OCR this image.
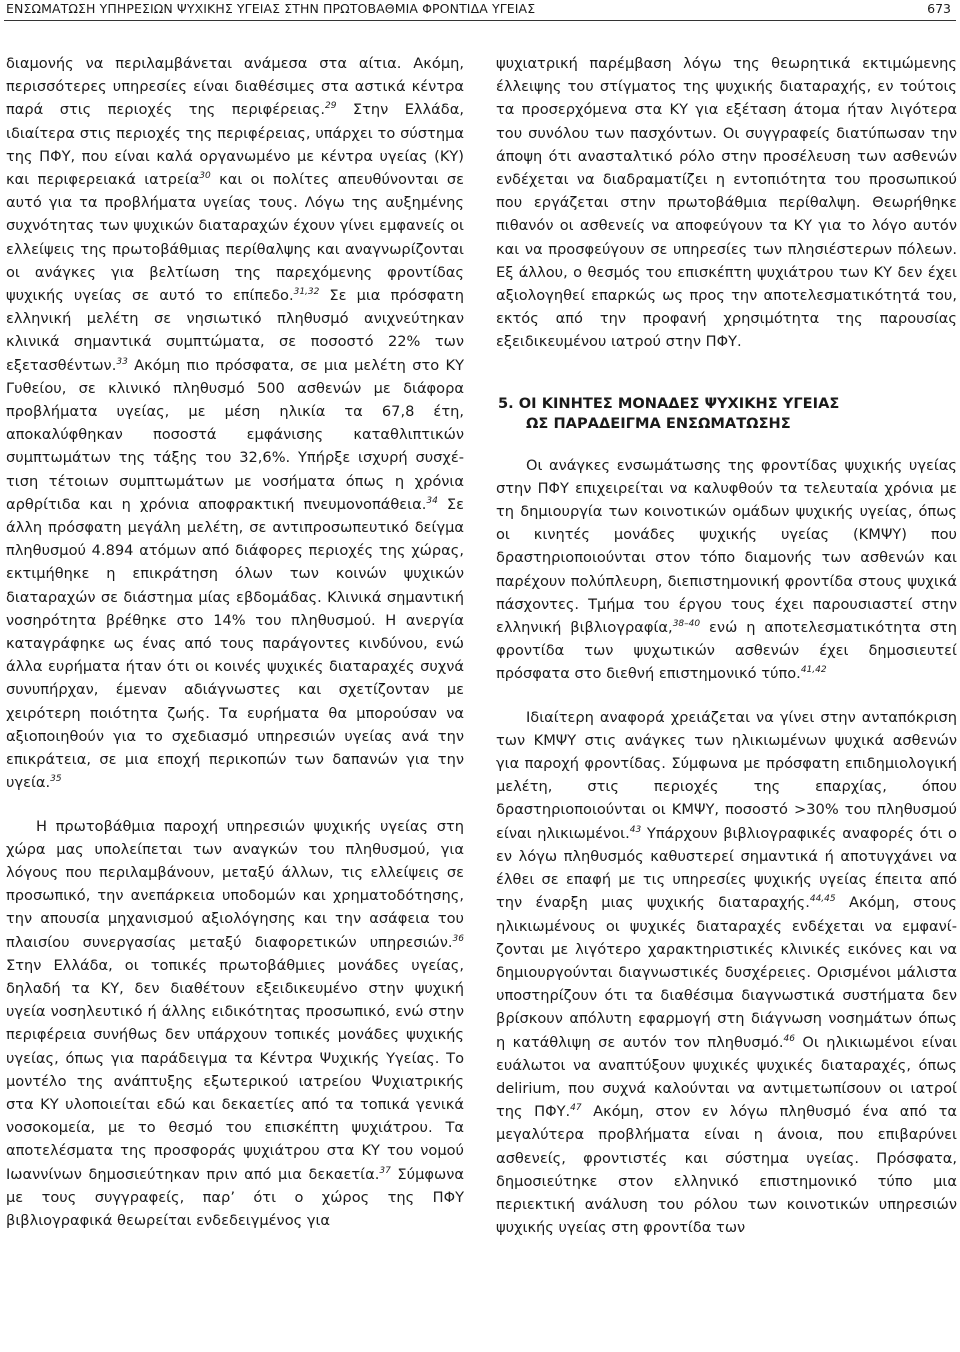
ΕΝΣΩΜΑΤΩΣΗ ΥΠΗΡΕΣΙΩΝ ΨΥΧΙΚΗΣ ΥΓΕΙΑΣ ΣΤΗΝ ΠΡΩΤΟΒΑΘΜΙΑ ΦΡΟΝΤΙΔΑ ΥΓΕΙΑΣ	673

διαμονής να περιλαμβάνεται ανάμεσα στα αίτια. Ακόμη, περισσότερες υπηρεσίες είναι διαθέσιμες στα αστικά κέντρα παρά στις περιοχές της περιφέρειας.$^{29}$ Στην Ελλάδα, ιδιαίτερα στις περιοχές της περιφέρειας, υπάρχει το σύστημα της ΠΦΥ, που είναι καλά οργανωμένο με κέντρα υγείας (ΚΥ) και περιφερειακά ιατρεία$^{30}$ και οι πολίτες απευθύνονται σε αυτό για τα προβλήματα υγείας τους. Λόγω της αυξημένης συχνότητας των ψυχικών διαταραχών έχουν γίνει εμφανείς οι ελλείψεις της πρωτοβάθμιας περίθαλψης και αναγνωρίζονται οι ανάγκες για βελτίωση της παρεχόμενης φροντίδας ψυχικής υγείας σε αυτό το επίπεδο.$^{31,32}$ Σε μια πρόσφατη ελληνική μελέτη σε νησιωτικό πληθυσμό ανιχνεύτηκαν κλινικά σημαντικά συμπτώματα, σε ποσοστό 22% των εξετασθέντων.$^{33}$ Ακόμη πιο πρόσφατα, σε μια μελέτη στο ΚΥ Γυθείου, σε κλινικό πληθυσμό 500 ασθενών με διάφορα προβλήματα υγείας, με μέση ηλικία τα 67,8 έτη, αποκαλύφθηκαν ποσοστά εμφάνισης καταθλιπτικών συμπτωμάτων της τάξης του 32,6%. Υπήρξε ισχυρή συσχέτιση τέτοιων συμπτωμάτων με νοσήματα όπως η χρόνια αρθρίτιδα και η χρόνια αποφρακτική πνευμονοπάθεια.$^{34}$ Σε άλλη πρόσφατη μεγάλη μελέτη, σε αντιπροσωπευτικό δείγμα πληθυσμού 4.894 ατόμων από διάφορες περιοχές της χώρας, εκτιμήθηκε η επικράτηση όλων των κοινών ψυχικών διαταραχών σε διάστημα μίας εβδομάδας. Κλινικά σημαντική νοσηρότητα βρέθηκε στο 14% του πληθυσμού. Η ανεργία καταγράφηκε ως ένας από τους παράγοντες κινδύνου, ενώ άλλα ευρήματα ήταν ότι οι κοινές ψυχικές διαταραχές συχνά συνυπήρχαν, έμεναν αδιάγνωστες και σχετίζονταν με χειρότερη ποιότητα ζωής. Τα ευρήματα θα μπορούσαν να αξιοποιηθούν για το σχεδιασμό υπηρεσιών υγείας ανά την επικράτεια, σε μια εποχή περικοπών των δαπανών για την υγεία.$^{35}$

Η πρωτοβάθμια παροχή υπηρεσιών ψυχικής υγείας στη χώρα μας υπολείπεται των αναγκών του πληθυσμού, για λόγους που περιλαμβάνουν, μεταξύ άλλων, τις ελλείψεις σε προσωπικό, την ανεπάρκεια υποδομών και χρηματοδότησης, την απουσία μηχανισμού αξιολόγησης και την ασάφεια του πλαισίου συνεργασίας μεταξύ διαφορετικών υπηρεσιών.$^{36}$ Στην Ελλάδα, οι τοπικές πρωτοβάθμιες μονάδες υγείας, δηλαδή τα ΚΥ, δεν διαθέτουν εξειδικευμένο στην ψυχική υγεία νοσηλευτικό ή άλλης ειδικότητας προσωπικό, ενώ στην περιφέρεια συνήθως δεν υπάρχουν τοπικές μονάδες ψυχικής υγείας, όπως για παράδειγμα τα Κέντρα Ψυχικής Υγείας. Το μοντέλο της ανάπτυξης εξωτερικού ιατρείου Ψυχιατρικής στα ΚΥ υλοποιείται εδώ και δεκαετίες από τα τοπικά γενικά νοσοκομεία, με το θεσμό του επισκέπτη ψυχιάτρου. Τα αποτελέσματα της προσφοράς ψυχιάτρου στα ΚΥ του νομού Ιωαννίνων δημοσιεύτηκαν πριν από μια δεκαετία.$^{37}$ Σύμφωνα με τους συγγραφείς, παρ’ ότι ο χώρος της ΠΦΥ βιβλιογραφικά θεωρείται ενδεδειγμένος για

ψυχιατρική παρέμβαση λόγω της θεωρητικά εκτιμώμενης έλλειψης του στίγματος της ψυχικής διαταραχής, εν τούτοις τα προσερχόμενα στα ΚΥ για εξέταση άτομα ήταν λιγότερα του συνόλου των πασχόντων. Οι συγγραφείς διατύπωσαν την άποψη ότι ανασταλτικό ρόλο στην προσέλευση των ασθενών ενδέχεται να διαδραματίζει η εντοπιότητα του προσωπικού που εργάζεται στην πρωτοβάθμια περίθαλψη. Θεωρήθηκε πιθανόν οι ασθενείς να αποφεύγουν τα ΚΥ για το λόγο αυτόν και να προσφεύγουν σε υπηρεσίες των πλησιέστερων πόλεων. Εξ άλλου, ο θεσμός του επισκέπτη ψυχιάτρου των ΚΥ δεν έχει αξιολογηθεί επαρκώς ως προς την αποτελεσματικότητά του, εκτός από την προφανή χρησιμότητα της παρουσίας εξειδικευμένου ιατρού στην ΠΦΥ.

5. ΟΙ ΚΙΝΗΤΕΣ ΜΟΝΑΔΕΣ ΨΥΧΙΚΗΣ ΥΓΕΙΑΣ
ΩΣ ΠΑΡΑΔΕΙΓΜΑ ΕΝΣΩΜΑΤΩΣΗΣ

Οι ανάγκες ενσωμάτωσης της φροντίδας ψυχικής υγείας στην ΠΦΥ επιχειρείται να καλυφθούν τα τελευταία χρόνια με τη δημιουργία των κοινοτικών ομάδων ψυχικής υγείας, όπως οι κινητές μονάδες ψυχικής υγείας (ΚΜΨΥ) που δραστηριοποιούνται στον τόπο διαμονής των ασθενών και παρέχουν πολύπλευρη, διεπιστημονική φροντίδα στους ψυχικά πάσχοντες. Τμήμα του έργου τους έχει παρουσιαστεί στην ελληνική βιβλιογραφία,$^{38-40}$ ενώ η αποτελεσματικότητα στη φροντίδα των ψυχωτικών ασθενών έχει δημοσιευτεί πρόσφατα στο διεθνή επιστημονικό τύπο.$^{41,42}$

Ιδιαίτερη αναφορά χρειάζεται να γίνει στην ανταπόκριση των ΚΜΨΥ στις ανάγκες των ηλικιωμένων ψυχικά ασθενών για παροχή φροντίδας. Σύμφωνα με πρόσφατη επιδημιολογική μελέτη, στις περιοχές της επαρχίας, όπου δραστηριοποιούνται οι ΚΜΨΥ, ποσοστό >30% του πληθυσμού είναι ηλικιωμένοι.$^{43}$ Υπάρχουν βιβλιογραφικές αναφορές ότι ο εν λόγω πληθυσμός καθυστερεί σημαντικά ή αποτυγχάνει να έλθει σε επαφή με τις υπηρεσίες ψυχικής υγείας έπειτα από την έναρξη μιας ψυχικής διαταραχής.$^{44,45}$ Ακόμη, στους ηλικιωμένους οι ψυχικές διαταραχές ενδέχεται να εμφανίζονται με λιγότερο χαρακτηριστικές κλινικές εικόνες και να δημιουργούνται διαγνωστικές δυσχέρειες. Ορισμένοι μάλιστα υποστηρίζουν ότι τα διαθέσιμα διαγνωστικά συστήματα δεν βρίσκουν απόλυτη εφαρμογή στη διάγνωση νοσημάτων όπως η κατάθλιψη σε αυτόν τον πληθυσμό.$^{46}$ Οι ηλικιωμένοι είναι ευάλωτοι να αναπτύξουν ψυχικές ψυχικές διαταραχές, όπως delirium, που συχνά καλούνται να αντιμετωπίσουν οι ιατροί της ΠΦΥ.$^{47}$ Ακόμη, στον εν λόγω πληθυσμό ένα από τα μεγαλύτερα προβλήματα είναι η άνοια, που επιβαρύνει ασθενείς, φροντιστές και σύστημα υγείας. Πρόσφατα, δημοσιεύτηκε στον ελληνικό επιστημονικό τύπο μια περιεκτική ανάλυση του ρόλου των κοινοτικών υπηρεσιών ψυχικής υγείας στη φροντίδα των
